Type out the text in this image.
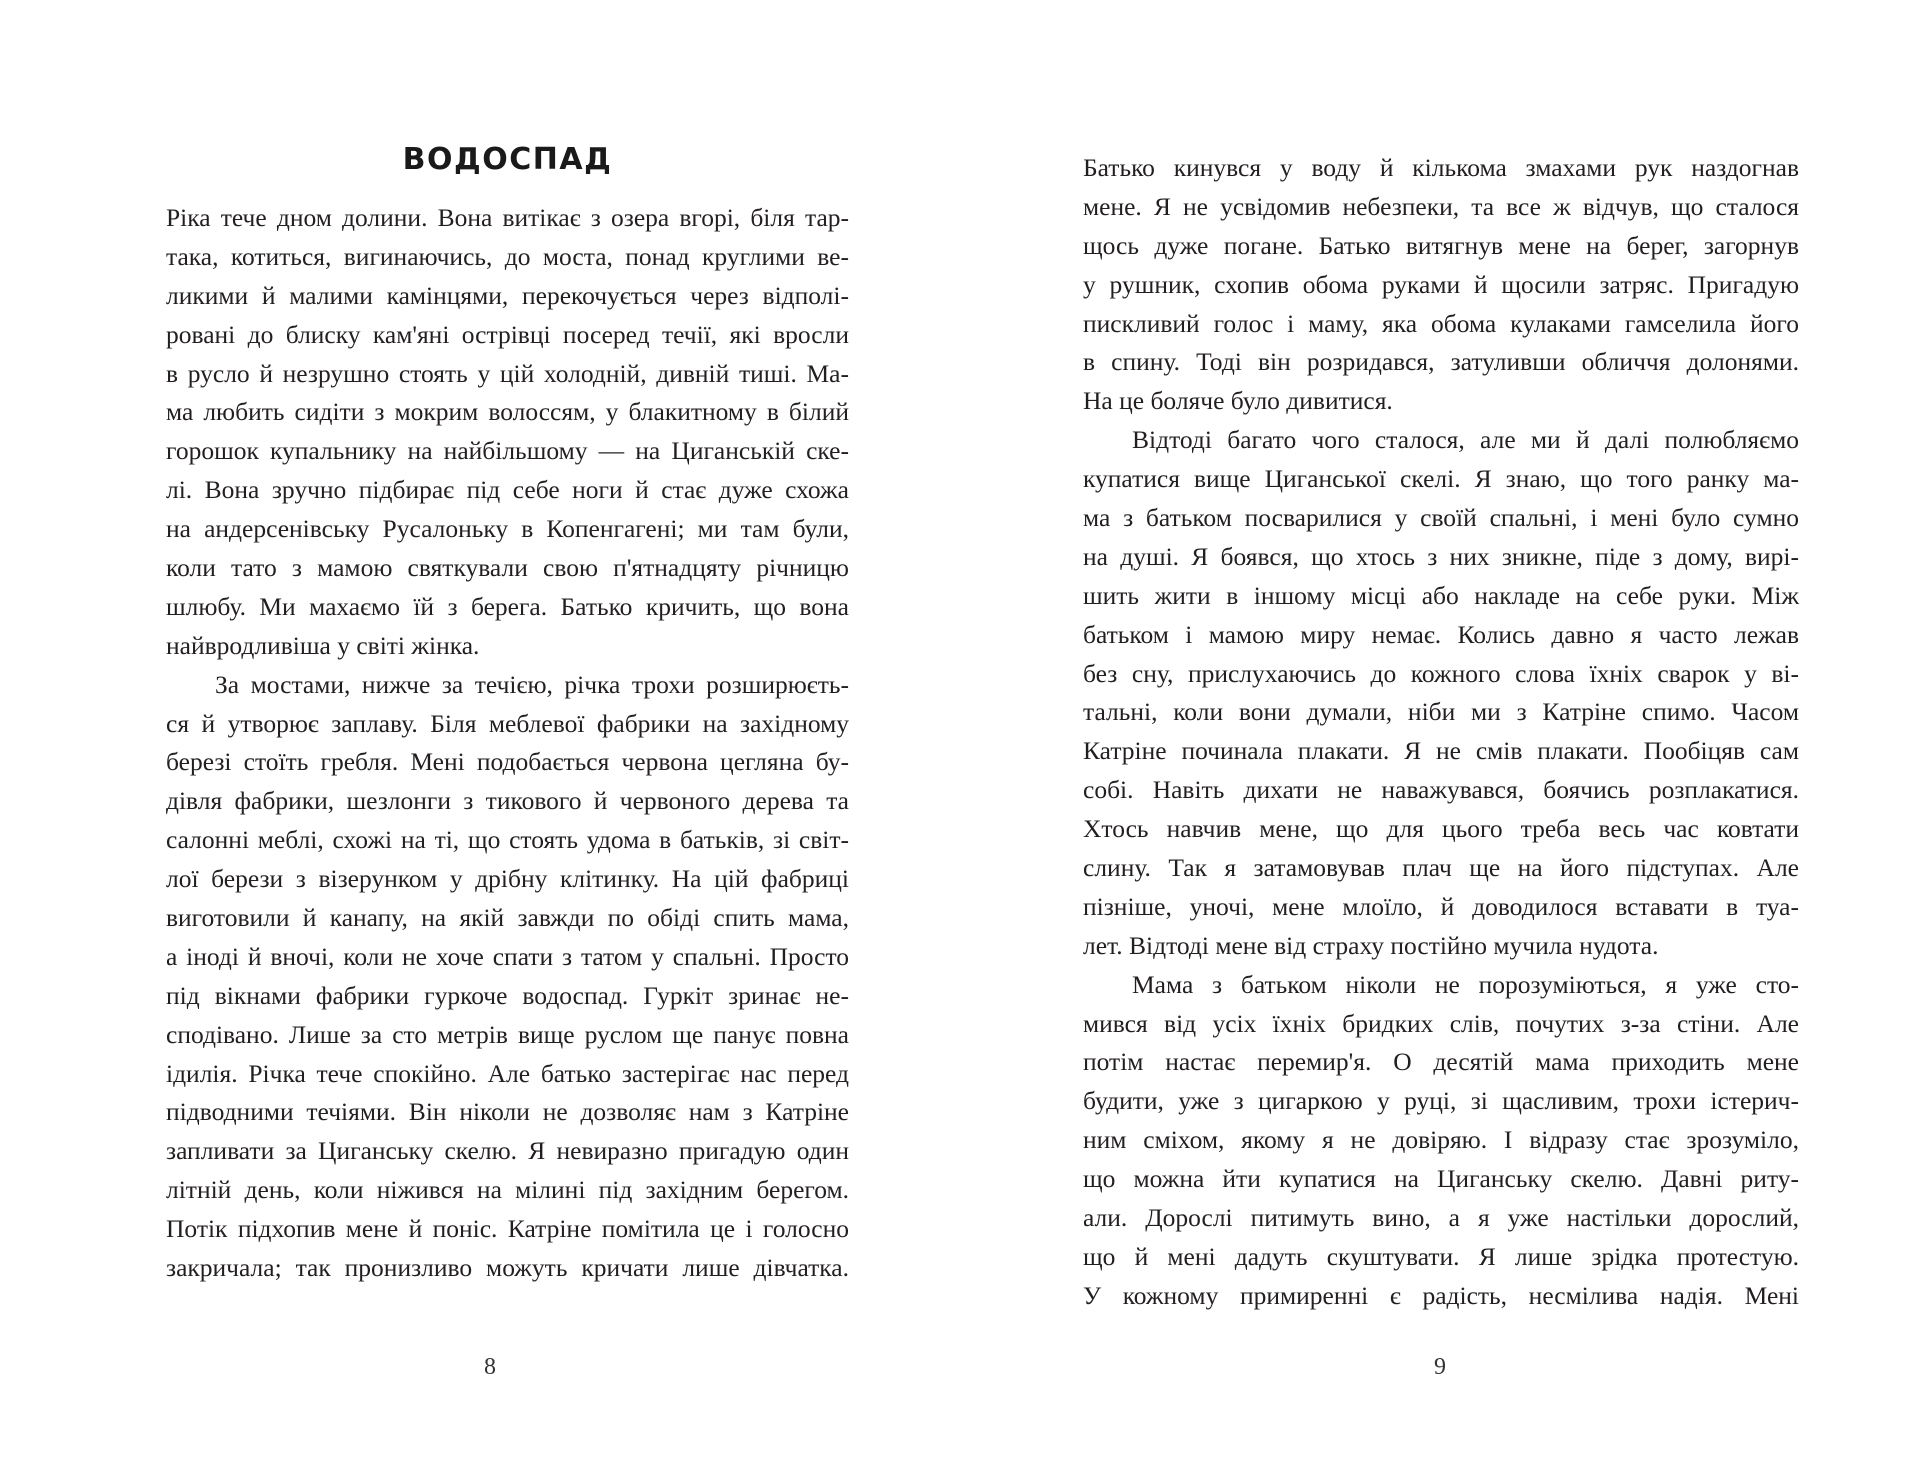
ВОДОСПАД
Ріка тече дном долини. Вона витікає з озера вгорі, біля тар-
така, котиться, вигинаючись, до моста, понад круглими ве-
ликими й малими камінцями, перекочується через відполі-
ровані до блиску кам'яні острівці посеред течії, які вросли
в русло й незрушно стоять у цій холодній, дивній тиші. Ма-
ма любить сидіти з мокрим волоссям, у блакитному в білий
горошок купальнику на найбільшому — на Циганській ске-
лі. Вона зручно підбирає під себе ноги й стає дуже схожа
на андерсенівську Русалоньку в Копенгагені; ми там були,
коли тато з мамою святкували свою п'ятнадцяту річницю
шлюбу. Ми махаємо їй з берега. Батько кричить, що вона
найвродливіша у світі жінка.
За мостами, нижче за течією, річка трохи розширюєть-
ся й утворює заплаву. Біля меблевої фабрики на західному
березі стоїть гребля. Мені подобається червона цегляна бу-
дівля фабрики, шезлонги з тикового й червоного дерева та
салонні меблі, схожі на ті, що стоять удома в батьків, зі світ-
лої берези з візерунком у дрібну клітинку. На цій фабриці
виготовили й канапу, на якій завжди по обіді спить мама,
а іноді й вночі, коли не хоче спати з татом у спальні. Просто
під вікнами фабрики гуркоче водоспад. Гуркіт зринає не-
сподівано. Лише за сто метрів вище руслом ще панує повна
ідилія. Річка тече спокійно. Але батько застерігає нас перед
підводними течіями. Він ніколи не дозволяє нам з Катріне
запливати за Циганську скелю. Я невиразно пригадую один
літній день, коли ніжився на мілині під західним берегом.
Потік підхопив мене й поніс. Катріне помітила це і голосно
закричала; так пронизливо можуть кричати лише дівчатка.
8
Батько кинувся у воду й кількома змахами рук наздогнав
мене. Я не усвідомив небезпеки, та все ж відчув, що сталося
щось дуже погане. Батько витягнув мене на берег, загорнув
у рушник, схопив обома руками й щосили затряс. Пригадую
пискливий голос і маму, яка обома кулаками гамселила його
в спину. Тоді він розридався, затуливши обличчя долонями.
На це боляче було дивитися.
Відтоді багато чого сталося, але ми й далі полюбляємо
купатися вище Циганської скелі. Я знаю, що того ранку ма-
ма з батьком посварилися у своїй спальні, і мені було сумно
на душі. Я боявся, що хтось з них зникне, піде з дому, вирі-
шить жити в іншому місці або накладе на себе руки. Між
батьком і мамою миру немає. Колись давно я часто лежав
без сну, прислухаючись до кожного слова їхніх сварок у ві-
тальні, коли вони думали, ніби ми з Катріне спимо. Часом
Катріне починала плакати. Я не смів плакати. Пообіцяв сам
собі. Навіть дихати не наважувався, боячись розплакатися.
Хтось навчив мене, що для цього треба весь час ковтати
слину. Так я затамовував плач ще на його підступах. Але
пізніше, уночі, мене млоїло, й доводилося вставати в туа-
лет. Відтоді мене від страху постійно мучила нудота.
Мама з батьком ніколи не порозуміються, я уже сто-
мився від усіх їхніх бридких слів, почутих з-за стіни. Але
потім настає перемир'я. О десятій мама приходить мене
будити, уже з цигаркою у руці, зі щасливим, трохи істерич-
ним сміхом, якому я не довіряю. І відразу стає зрозуміло,
що можна йти купатися на Циганську скелю. Давні риту-
али. Дорослі питимуть вино, а я уже настільки дорослий,
що й мені дадуть скуштувати. Я лише зрідка протестую.
У кожному примиренні є радість, несмілива надія. Мені
9
